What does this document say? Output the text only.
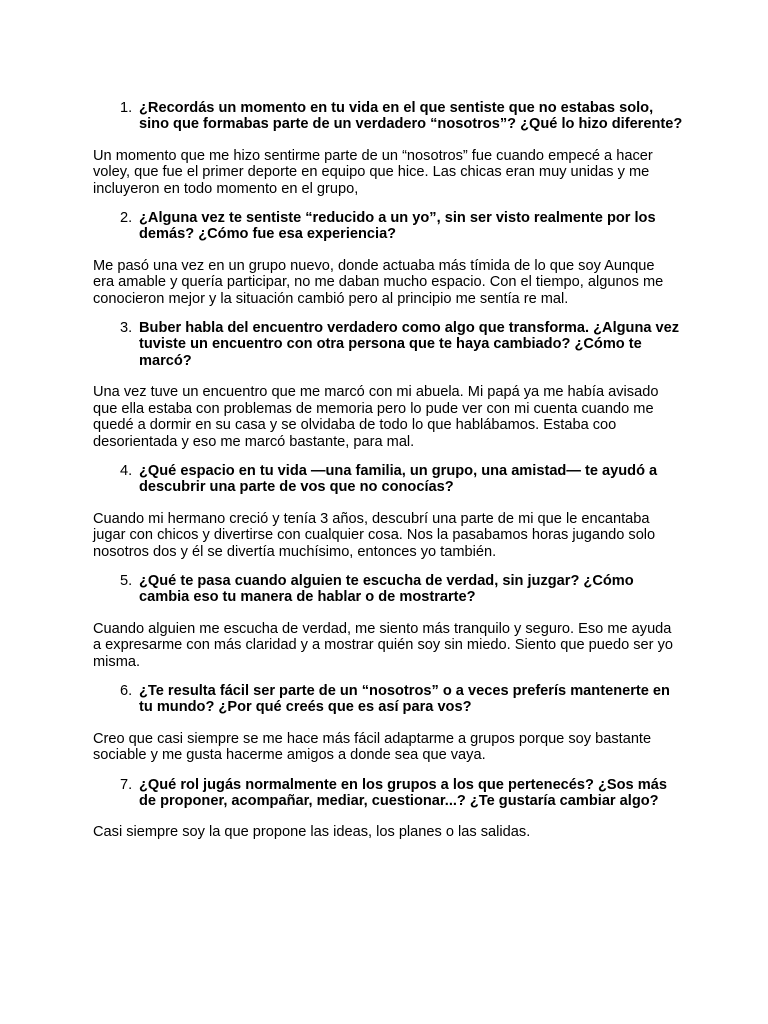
1. ¿Recordás un momento en tu vida en el que sentiste que no estabas solo, sino que formabas parte de un verdadero “nosotros”? ¿Qué lo hizo diferente?

Un momento que me hizo sentirme parte de un “nosotros” fue cuando empecé a hacer voley, que fue el primer deporte en equipo que hice. Las chicas eran muy unidas y me incluyeron en todo momento en el grupo,

2. ¿Alguna vez te sentiste “reducido a un yo”, sin ser visto realmente por los demás? ¿Cómo fue esa experiencia?

Me pasó una vez en un grupo nuevo, donde actuaba más tímida de lo que soy Aunque era amable y quería participar, no me daban mucho espacio. Con el tiempo, algunos me conocieron mejor y la situación cambió pero al principio me sentía re mal.

3. Buber habla del encuentro verdadero como algo que transforma. ¿Alguna vez tuviste un encuentro con otra persona que te haya cambiado? ¿Cómo te marcó?

Una vez tuve un encuentro que me marcó con mi abuela. Mi papá ya me había avisado que ella estaba con problemas de memoria pero lo pude ver con mi cuenta cuando me quedé a dormir en su casa y se olvidaba de todo lo que hablábamos. Estaba coo desorientada y eso me marcó bastante, para mal.

4. ¿Qué espacio en tu vida —una familia, un grupo, una amistad— te ayudó a descubrir una parte de vos que no conocías?

Cuando mi hermano creció y tenía 3 años, descubrí una parte de mi que le encantaba jugar con chicos y divertirse con cualquier cosa. Nos la pasabamos horas jugando solo nosotros dos y él se divertía muchísimo, entonces yo también.

5. ¿Qué te pasa cuando alguien te escucha de verdad, sin juzgar? ¿Cómo cambia eso tu manera de hablar o de mostrarte?

Cuando alguien me escucha de verdad, me siento más tranquilo y seguro. Eso me ayuda a expresarme con más claridad y a mostrar quién soy sin miedo. Siento que puedo ser yo misma.

6. ¿Te resulta fácil ser parte de un “nosotros” o a veces preferís mantenerte en tu mundo? ¿Por qué creés que es así para vos?

Creo que casi siempre se me hace más fácil adaptarme a grupos porque soy bastante sociable y me gusta hacerme amigos a donde sea que vaya.

7. ¿Qué rol jugás normalmente en los grupos a los que pertenecés? ¿Sos más de proponer, acompañar, mediar, cuestionar...? ¿Te gustaría cambiar algo?

Casi siempre soy la que propone las ideas, los planes o las salidas.
